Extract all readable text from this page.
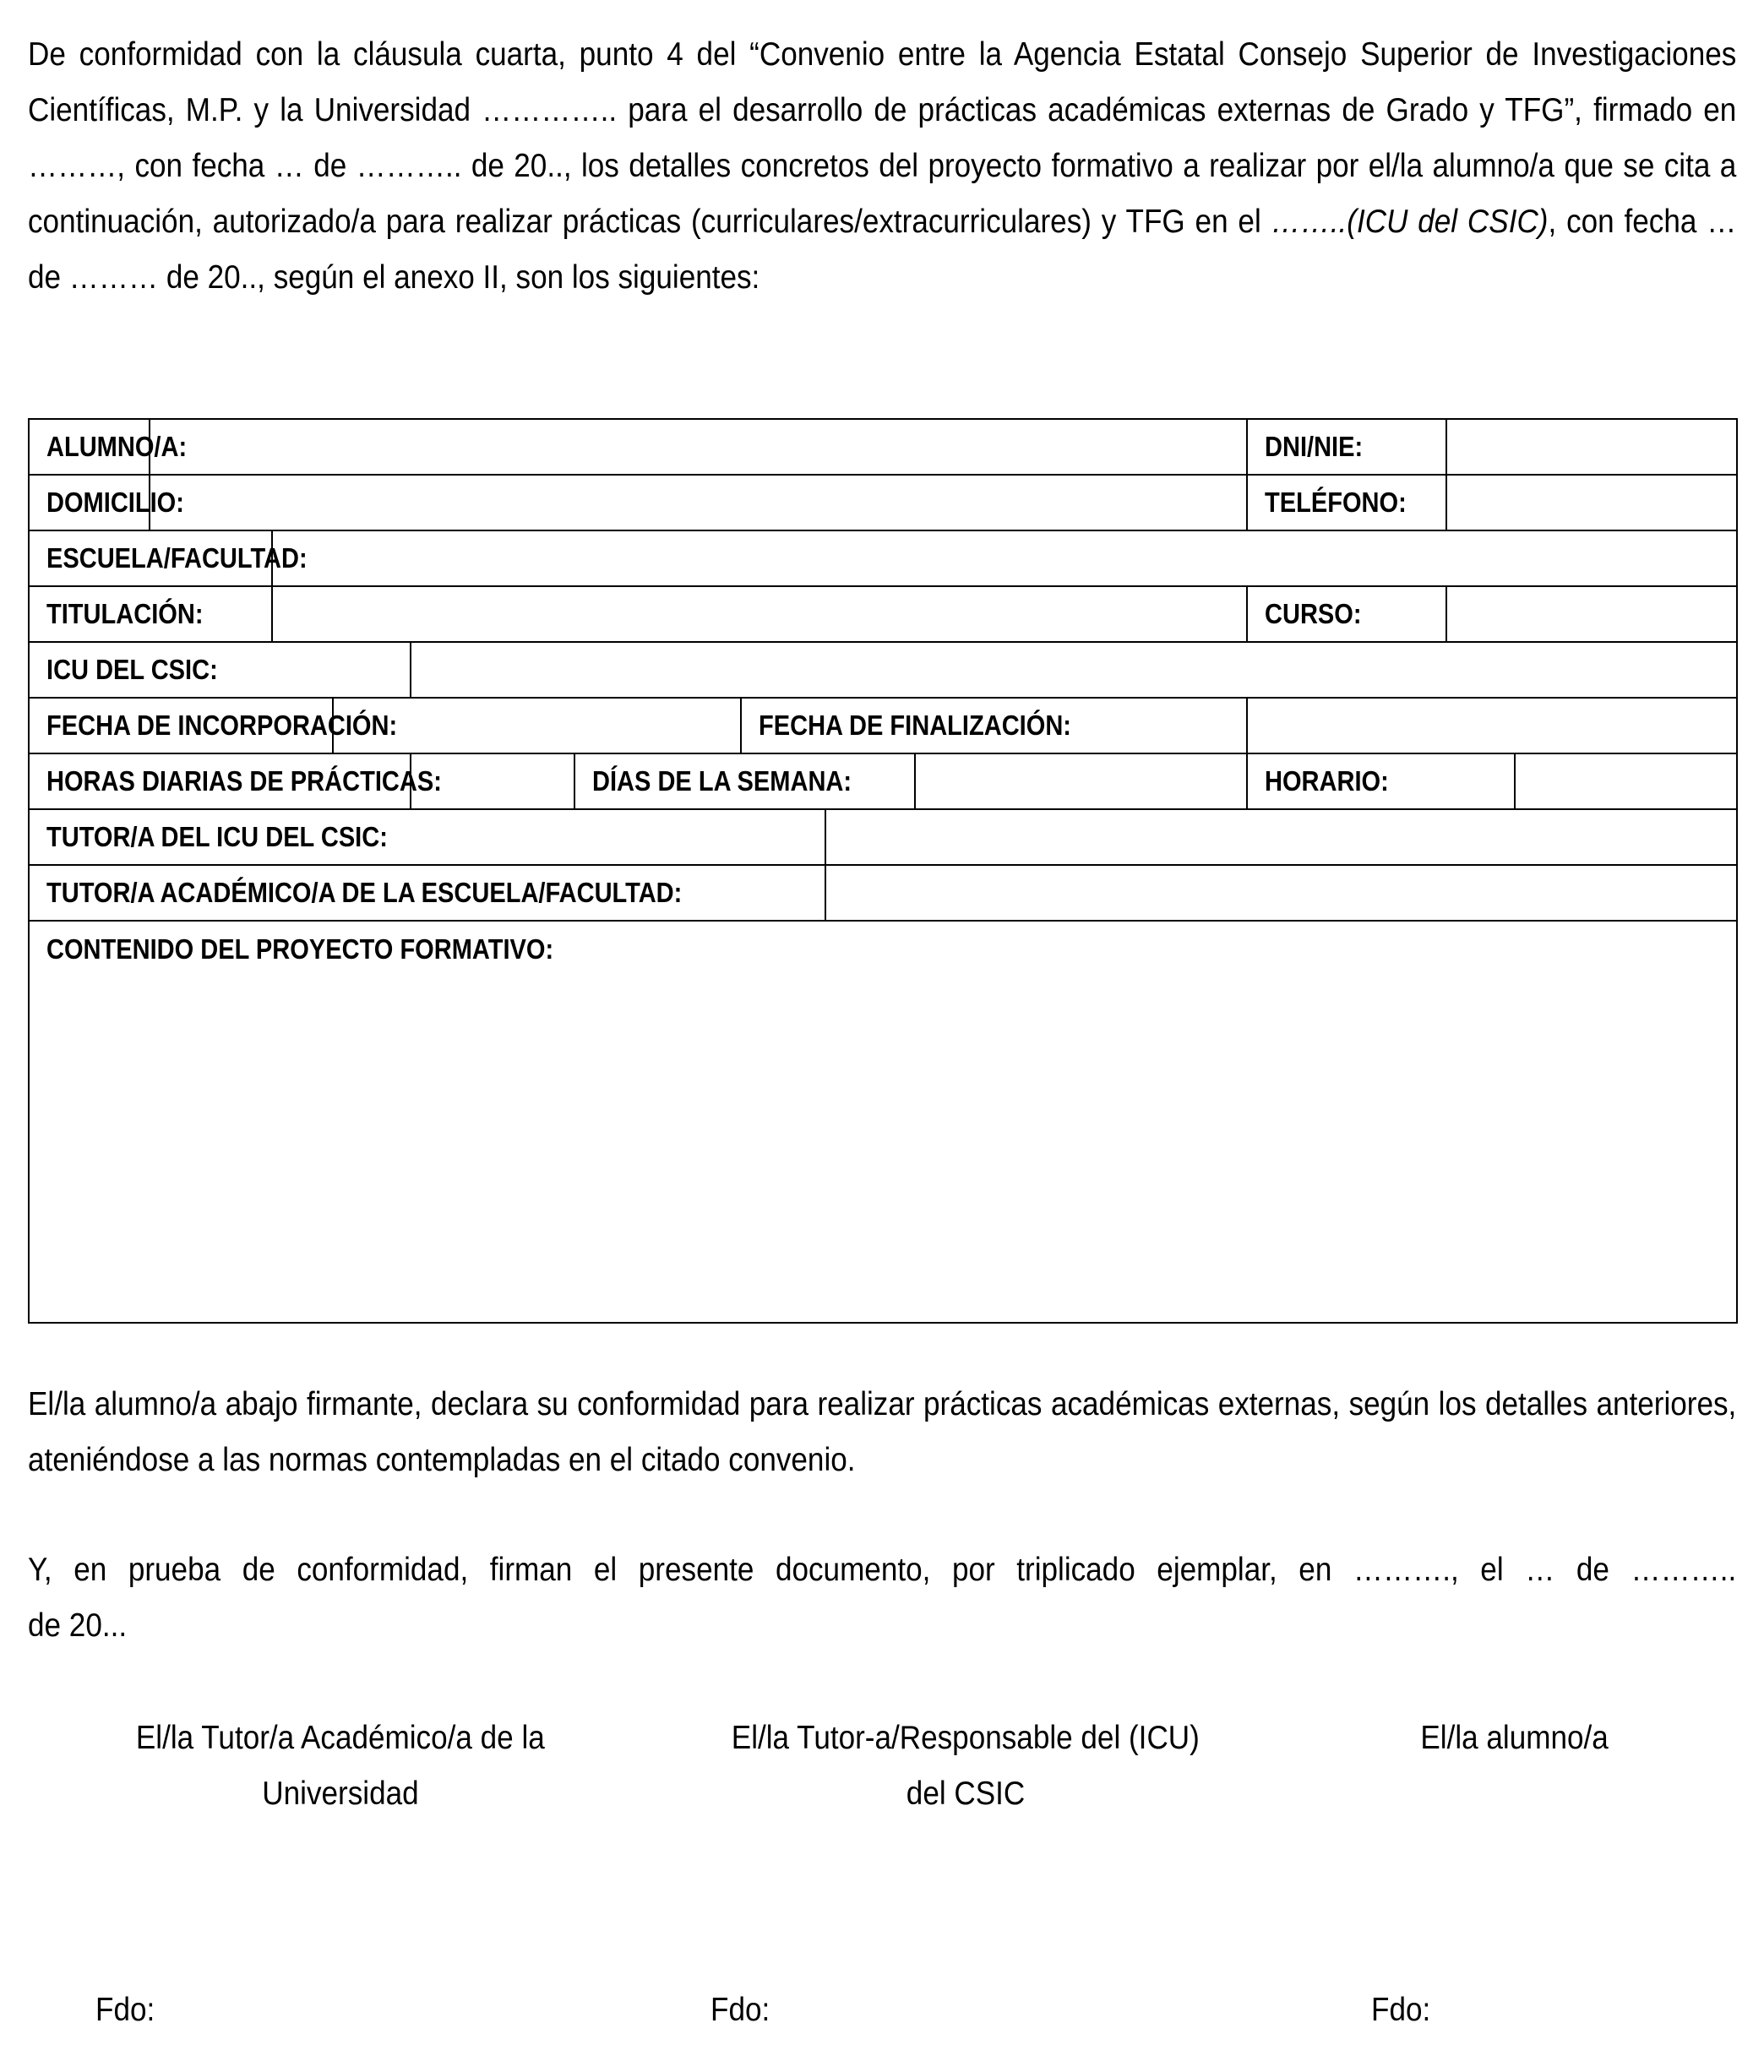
De conformidad con la cláusula cuarta, punto 4 del “Convenio entre la Agencia Estatal Consejo Superior de Investigaciones Científicas, M.P. y la Universidad ………….. para el desarrollo de prácticas académicas externas de Grado y TFG”, firmado en ………, con fecha … de ……….. de 20.., los detalles concretos del proyecto formativo a realizar por el/la alumno/a que se cita a continuación, autorizado/a para realizar prácticas (curriculares/extracurriculares) y TFG en el ……..(ICU del CSIC), con fecha … de ……… de 20.., según el anexo II, son los siguientes:
ALUMNO/A:									DNI/NIE:		
DOMICILIO:									TELÉFONO:		
ESCUELA/FACULTAD:											
TITULACIÓN:									CURSO:		
ICU DEL CSIC:											
FECHA DE INCORPORACIÓN:						FECHA DE FINALIZACIÓN:					
HORAS DIARIAS DE PRÁCTICAS:					DÍAS DE LA SEMANA:				HORARIO:		
TUTOR/A DEL ICU DEL CSIC:											
TUTOR/A ACADÉMICO/A DE LA ESCUELA/FACULTAD:											
CONTENIDO DEL PROYECTO FORMATIVO:											
El/la alumno/a abajo firmante, declara su conformidad para realizar prácticas académicas externas, según los detalles anteriores, ateniéndose a las normas contempladas en el citado convenio.

Y, en prueba de conformidad, firman el presente documento, por triplicado ejemplar, en ………., el … de ………..

de 20...

El/la Tutor/a Académico/a de la
Universidad
El/la Tutor-a/Responsable del (ICU)
del CSIC
El/la alumno/a
Fdo:	Fdo:	Fdo:
